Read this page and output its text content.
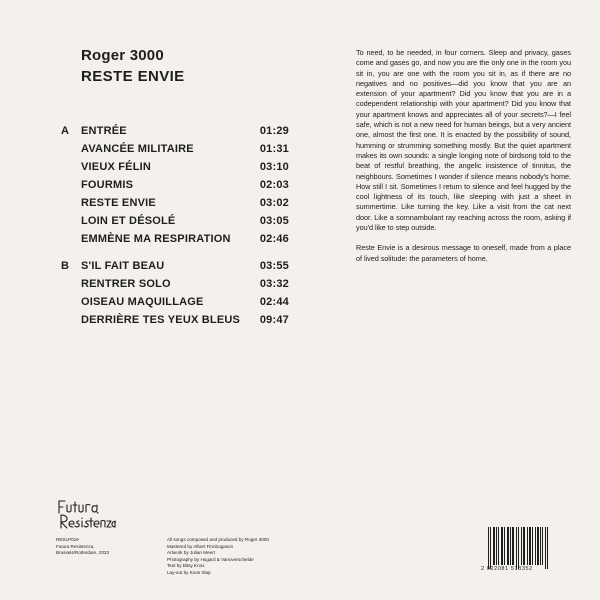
Roger 3000
RESTE ENVIE
A ENTRÉE	01:29
AVANCÉE MILITAIRE	01:31
VIEUX FÉLIN	03:10
FOURMIS	02:03
RESTE ENVIE	03:02
LOIN ET DÉSOLÉ	03:05
EMMÈNE MA RESPIRATION	02:46
B S'IL FAIT BEAU	03:55
RENTRER SOLO	03:32
OISEAU MAQUILLAGE	02:44
DERRIÈRE TES YEUX BLEUS 09:47

To need, to be needed, in four corners. Sleep and privacy, gases come and gases go, and now you are the only one in the room you sit in, you are one with the room you sit in, as if there are no negatives and no positives—did you know that you are an extension of your apartment? Did you know that you are in a codependent relationship with your apartment? Did you know that your apartment knows and appreciates all of your secrets?—I feel safe, which is not a new need for human beings, but a very ancient one, almost the first one. It is enacted by the possibility of sound, humming or strumming something mostly. But the quiet apartment makes its own sounds: a single longing note of birdsong told to the beat of restful breathing, the angelic insistence of tinnitus, the neighbours. Sometimes I wonder if silence means nobody's home. How still I sit. Sometimes I return to silence and feel hugged by the cool lightness of its touch, like sleeping with just a sheet in summertime. Like turning the key. Like a visit from the cat next door. Like a somnambulant ray reaching across the room, asking if you'd like to step outside.

Reste Envie is a desirous message to oneself, made from a place of lived solitude: the parameters of home.

RESLP019
Futura Resistenza,
Brussels/Rotterdam, 2023
All songs composed and produced by Roger 3000
Mastered by Albert Finnbogason
Artwork by Julian Meert
Photography by Hugard & Vanoverschelde
Text by Bitsy Knox
Lay-out by Koos Slap
2 022081 513352
